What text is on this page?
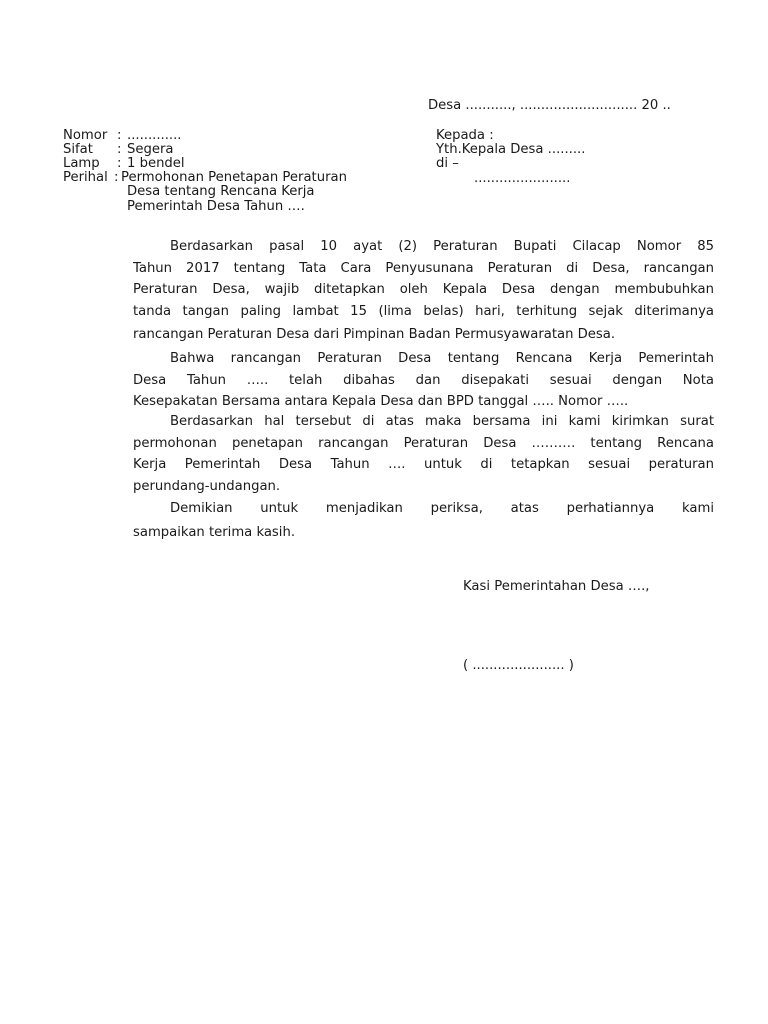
Desa ..........., ............................ 20 ..
Nomor : .............
Sifat : Segera
Lamp : 1 bendel
Perihal : Permohonan Penetapan Peraturan
Desa tentang Rencana Kerja
Pemerintah Desa Tahun ….
Kepada :
Yth.Kepala Desa .........
di –
.......................
Berdasarkan pasal 10 ayat (2) Peraturan Bupati Cilacap Nomor 85
Tahun 2017 tentang Tata Cara Penyusunana Peraturan di Desa, rancangan
Peraturan Desa, wajib ditetapkan oleh Kepala Desa dengan membubuhkan
tanda tangan paling lambat 15 (lima belas) hari, terhitung sejak diterimanya
rancangan Peraturan Desa dari Pimpinan Badan Permusyawaratan Desa.
Bahwa rancangan Peraturan Desa tentang Rencana Kerja Pemerintah
Desa Tahun ….. telah dibahas dan disepakati sesuai dengan Nota
Kesepakatan Bersama antara Kepala Desa dan BPD tanggal ….. Nomor …..
Berdasarkan hal tersebut di atas maka bersama ini kami kirimkan surat
permohonan penetapan rancangan Peraturan Desa ………. tentang Rencana
Kerja Pemerintah Desa Tahun …. untuk di tetapkan sesuai peraturan
perundang-undangan.
Demikian untuk menjadikan periksa, atas perhatiannya kami
sampaikan terima kasih.
Kasi Pemerintahan Desa ….,
( ...................... )
